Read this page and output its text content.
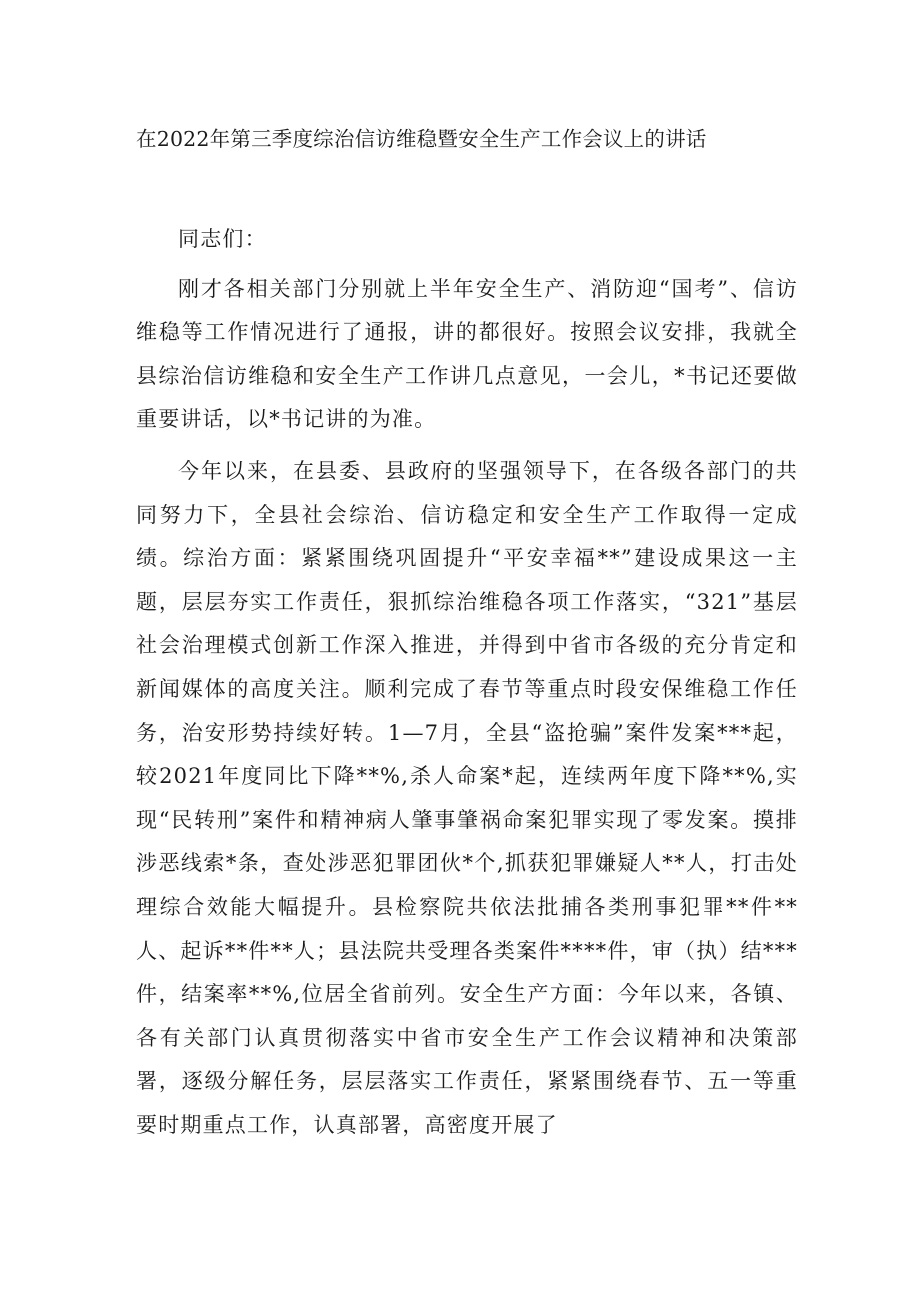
在2022年第三季度综治信访维稳暨安全生产工作会议上的讲话

同志们：

刚才各相关部门分别就上半年安全生产、消防迎“国考”、信访维稳等工作情况进行了通报，讲的都很好。按照会议安排，我就全县综治信访维稳和安全生产工作讲几点意见，一会儿，*书记还要做重要讲话，以*书记讲的为准。

今年以来，在县委、县政府的坚强领导下，在各级各部门的共同努力下，全县社会综治、信访稳定和安全生产工作取得一定成绩。综治方面：紧紧围绕巩固提升“平安幸福**”建设成果这一主题，层层夯实工作责任，狠抓综治维稳各项工作落实，“321”基层社会治理模式创新工作深入推进，并得到中省市各级的充分肯定和新闻媒体的高度关注。顺利完成了春节等重点时段安保维稳工作任务，治安形势持续好转。1—7月，全县“盗抢骗”案件发案***起，较2021年度同比下降**%,杀人命案*起，连续两年度下降**%,实现“民转刑”案件和精神病人肇事肇祸命案犯罪实现了零发案。摸排涉恶线索*条，查处涉恶犯罪团伙*个,抓获犯罪嫌疑人**人，打击处理综合效能大幅提升。县检察院共依法批捕各类刑事犯罪**件**人、起诉**件**人；县法院共受理各类案件****件，审（执）结***件，结案率**%,位居全省前列。安全生产方面：今年以来，各镇、各有关部门认真贯彻落实中省市安全生产工作会议精神和决策部署，逐级分解任务，层层落实工作责任，紧紧围绕春节、五一等重要时期重点工作，认真部署，高密度开展了
